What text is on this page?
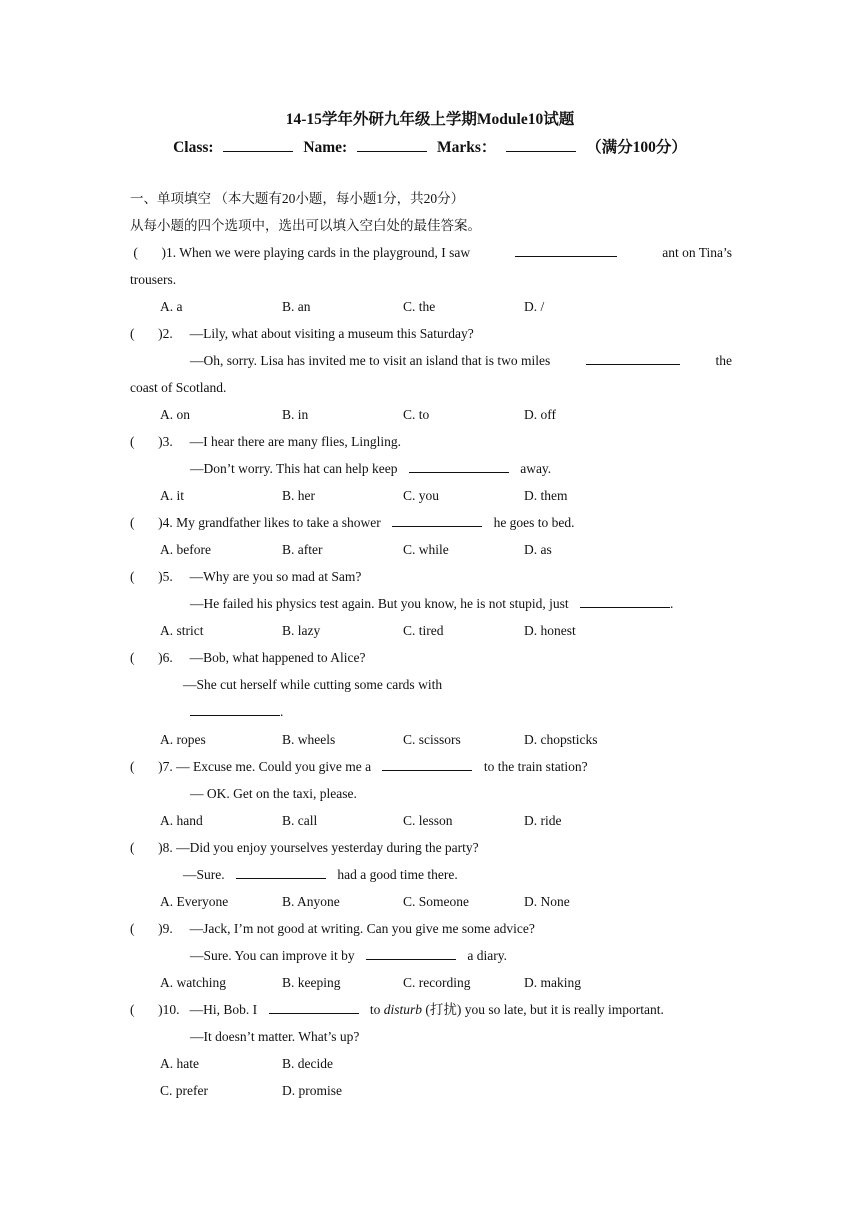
14-15学年外研九年级上学期Module10试题
Class:	Name:	Marks：	（满分100分）
一、单项填空 （本大题有20小题，每小题1分，共20分）
从每小题的四个选项中，选出可以填入空白处的最佳答案。
(       )1. When we were playing cards in the playground, I saw	ant on Tina’s
trousers.
A. a	B. an	C. the	D. /
(       )2.     —Lily, what about visiting a museum this Saturday?
—Oh, sorry. Lisa has invited me to visit an island that is two miles	the
coast of Scotland.
A. on	B. in	C. to	D. off
(       )3.     —I hear there are many flies, Lingling.
—Don’t worry. This hat can help keep	away.
A. it	B. her	C. you	D. them
(       )4. My grandfather likes to take a shower	he goes to bed.
A. before	B. after	C. while	D. as
(       )5.     —Why are you so mad at Sam?
—He failed his physics test again. But you know, he is not stupid, just	.
A. strict	B. lazy	C. tired	D. honest
(       )6.     —Bob, what happened to Alice?
—She cut herself while cutting some cards with
.
A. ropes	B. wheels	C. scissors	D. chopsticks
(       )7. — Excuse me. Could you give me a	to the train station?
— OK. Get on the taxi, please.
A. hand	B. call	C. lesson	D. ride
(       )8. —Did you enjoy yourselves yesterday during the party?
—Sure.	had a good time there.
A. Everyone	B. Anyone	C. Someone	D. None
(       )9.     —Jack, I’m not good at writing. Can you give me some advice?
—Sure. You can improve it by	a diary.
A. watching	B. keeping	C. recording	D. making
(       )10.   —Hi, Bob. I	to disturb (打扰) you so late, but it is really important.
—It doesn’t matter. What’s up?
A. hate	B. decide
C. prefer	D. promise
